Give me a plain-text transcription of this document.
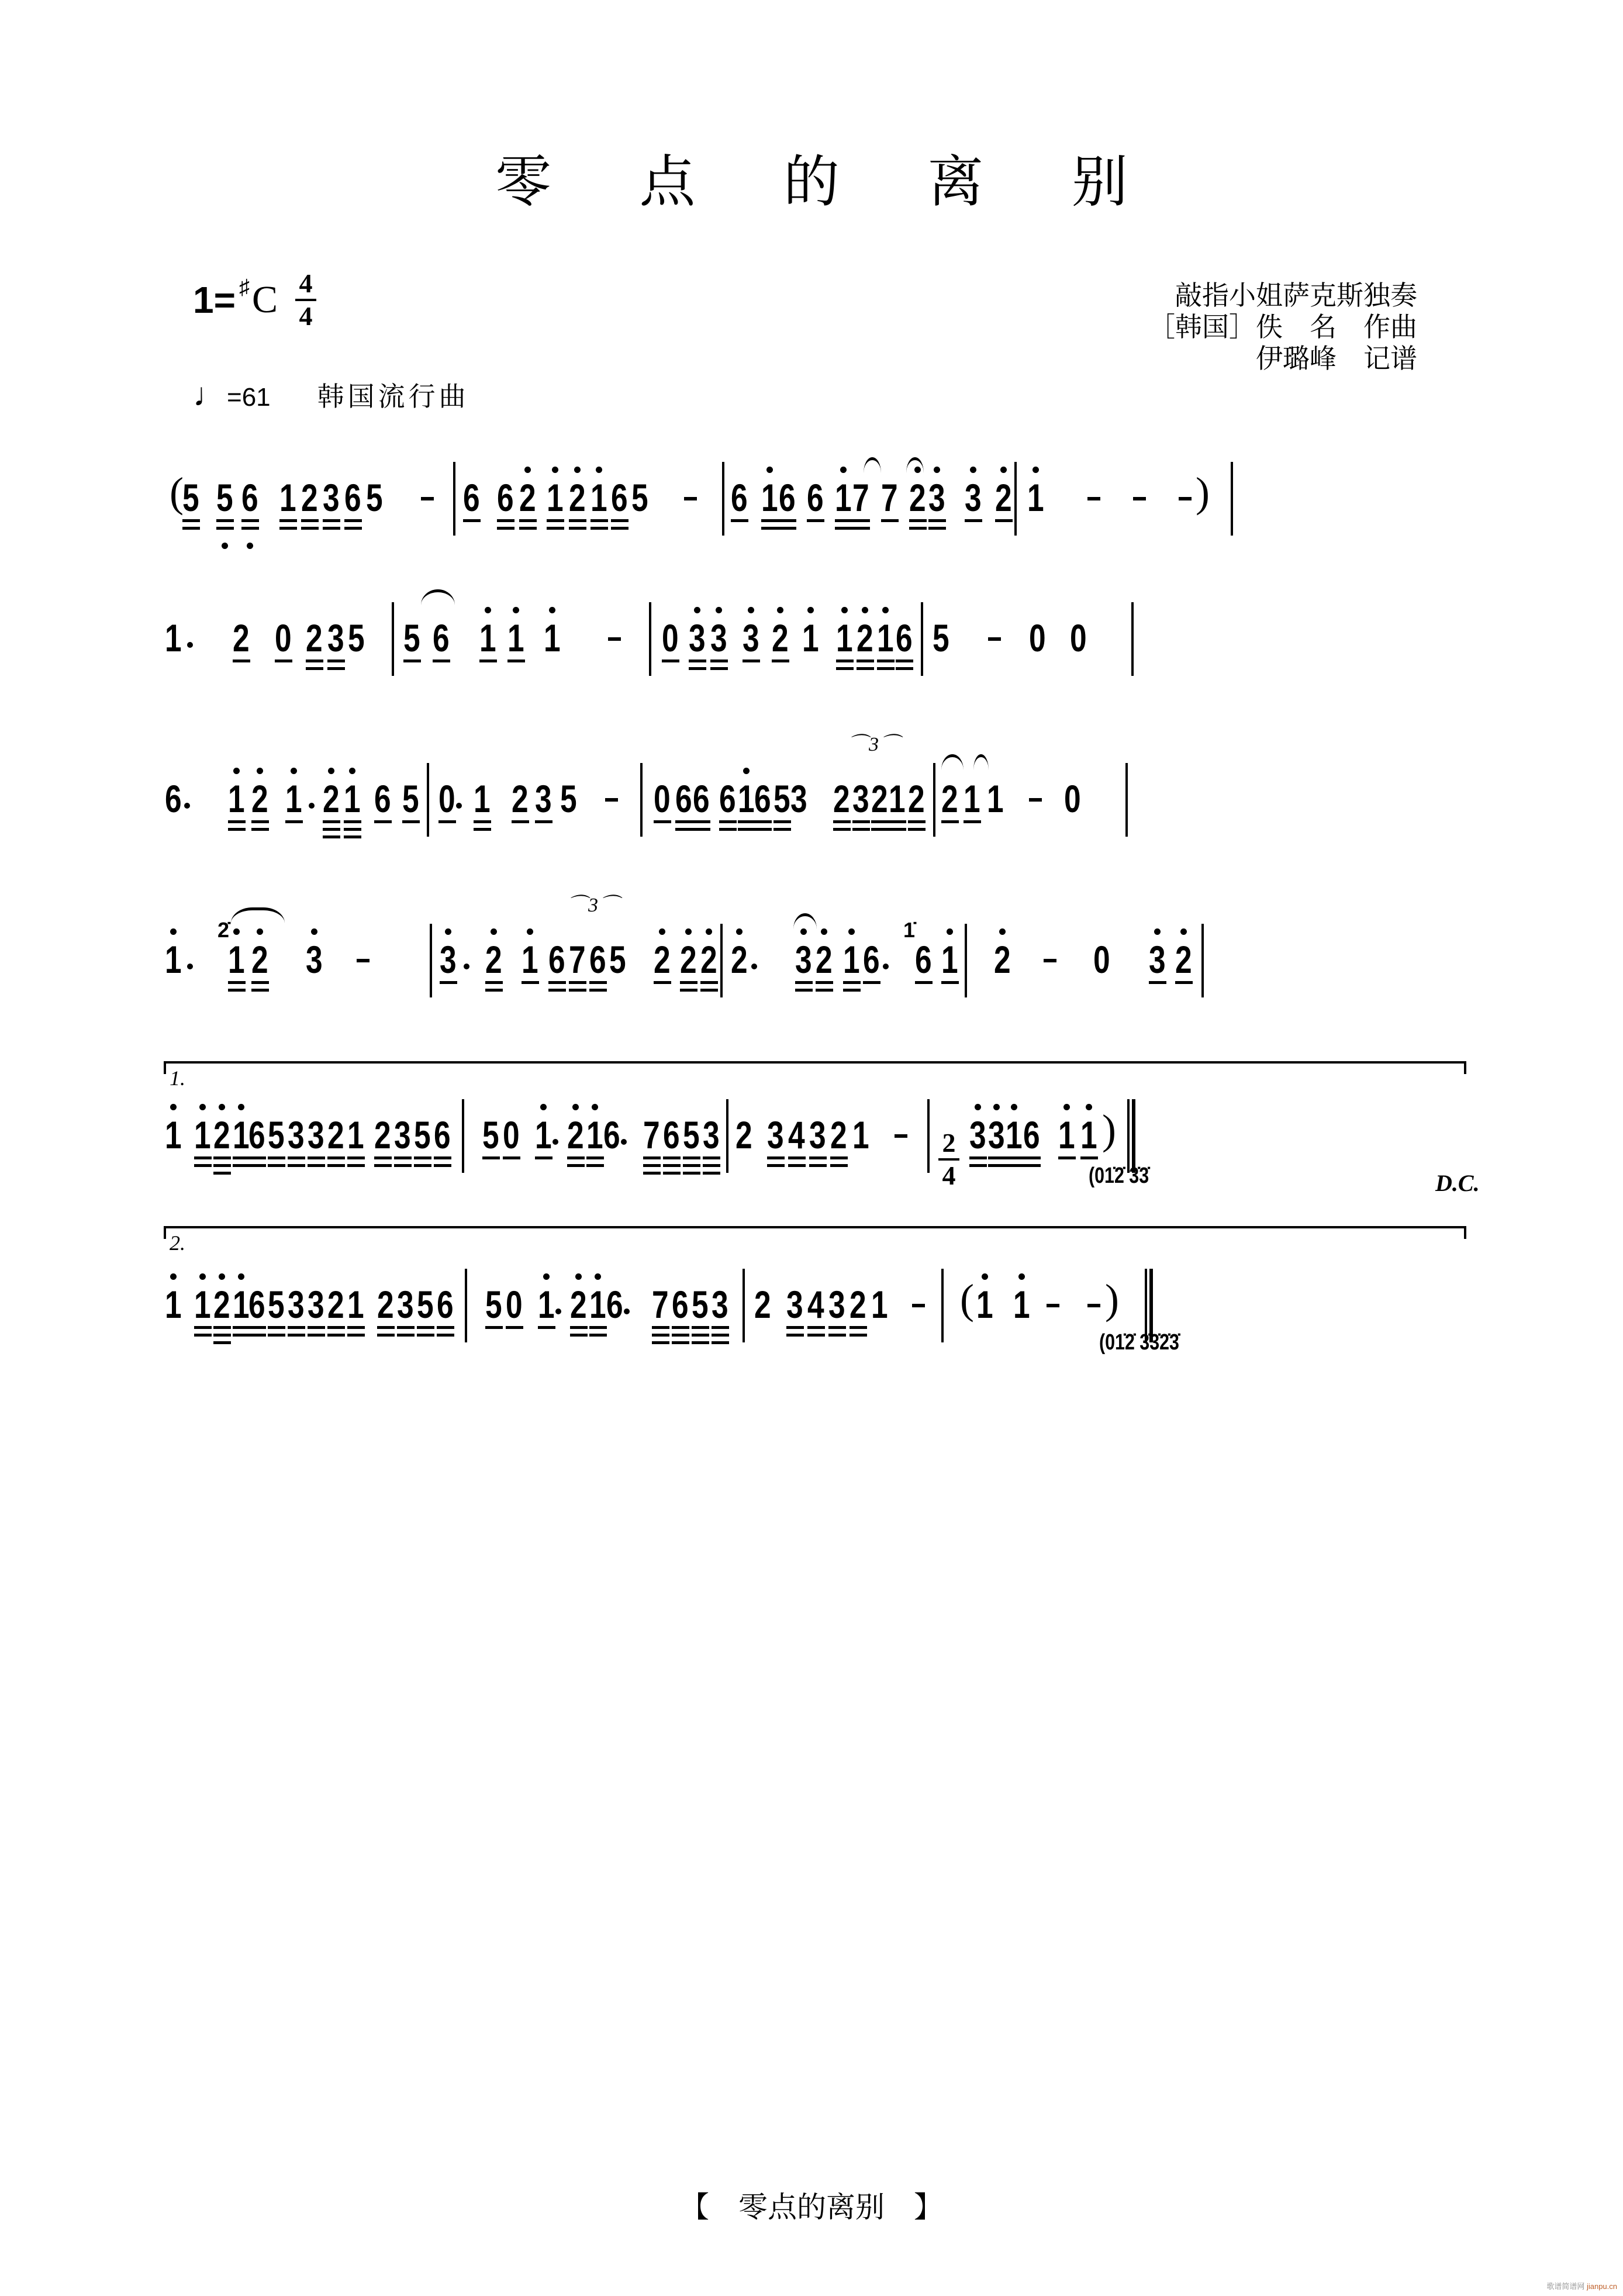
零 点 的 离 别
1 = ♯ C $\frac{4}{4}$
♩ =61 韩国流行曲
敲指小姐萨克斯独奏
［韩国］佚　名　作曲
伊璐峰　记谱
(
5 5 6 1 2 3 6 5 6 6 2 1 2 1 6 5 6 1 6 6 1 7 7 2 3 3 2 1	)
1 2 0 2 3 5 5 6 1 1 1	0 3 3 3 2 1 1 2 1 6 5 0 0
6 1 2 1 2 1 6 5 0 1 2 3 5 0 6 6 6 1 6 5 3 2 3 2 1 2
⌒3⌒
2 1 1 0
1 1 2 3	3 2 1 6 7 6 5
⌒3⌒
2 2 2 2 3 2 1 6 6 1 2 0 3 2
1 1 2 1
6 5 3 3 2 1 2 3 5 6 5 0 1 2 1 6 7 6 5 3 2 3 4 3 2 1	3 3 1 6 1 1 )
1 1 2 1
6 5 3 3 2 1 2 3 5 6 5 0 1 2 1 6 7 6 5 3 2 3 4 3 2 1 ( 1 1 )
1.
2.
2̇	1̇
2
4	(01̇2̇ 3̇3̇
(01̇2̇ 3̇3̇2̇3̇
D.C.
【　零点的离别　】
歌谱简谱网 jianpu.cn
